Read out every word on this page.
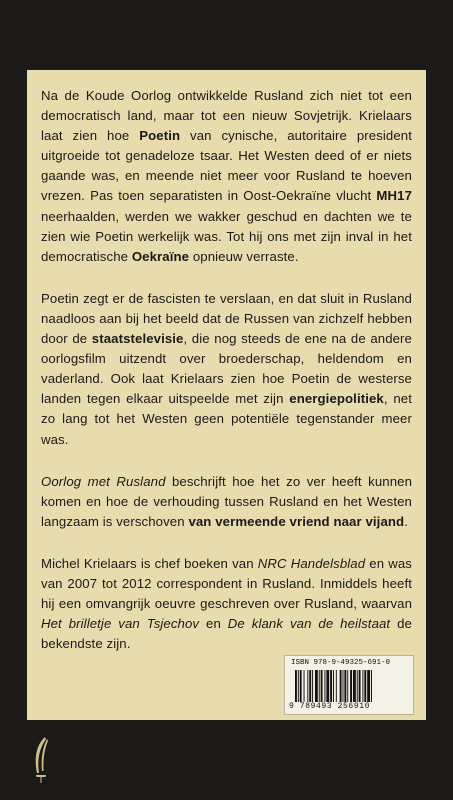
Na de Koude Oorlog ontwikkelde Rusland zich niet tot een democratisch land, maar tot een nieuw Sovjetrijk. Krielaars laat zien hoe Poetin van cynische, autoritaire president uitgroeide tot genadeloze tsaar. Het Westen deed of er niets gaande was, en meende niet meer voor Rusland te hoeven vrezen. Pas toen separatisten in Oost-Oekraïne vlucht MH17 neerhaalden, werden we wakker geschud en dachten we te zien wie Poetin werkelijk was. Tot hij ons met zijn inval in het democratische Oekraïne opnieuw verraste.

Poetin zegt er de fascisten te verslaan, en dat sluit in Rusland naadloos aan bij het beeld dat de Russen van zichzelf hebben door de staatstelevisie, die nog steeds de ene na de andere oorlogsfilm uitzendt over broederschap, heldendom en vaderland. Ook laat Krielaars zien hoe Poetin de westerse landen tegen elkaar uitspeelde met zijn energiepolitiek, net zo lang tot het Westen geen potentiële tegenstander meer was.

Oorlog met Rusland beschrijft hoe het zo ver heeft kunnen komen en hoe de verhouding tussen Rusland en het Westen langzaam is verschoven van vermeende vriend naar vijand.

Michel Krielaars is chef boeken van NRC Handelsblad en was van 2007 tot 2012 correspondent in Rusland. Inmiddels heeft hij een omvangrijk oeuvre geschreven over Rusland, waarvan Het brilletje van Tsjechov en De klank van de heilstaat de bekendste zijn.

ISBN 978-9-49325-691-0
9 789493 256910
